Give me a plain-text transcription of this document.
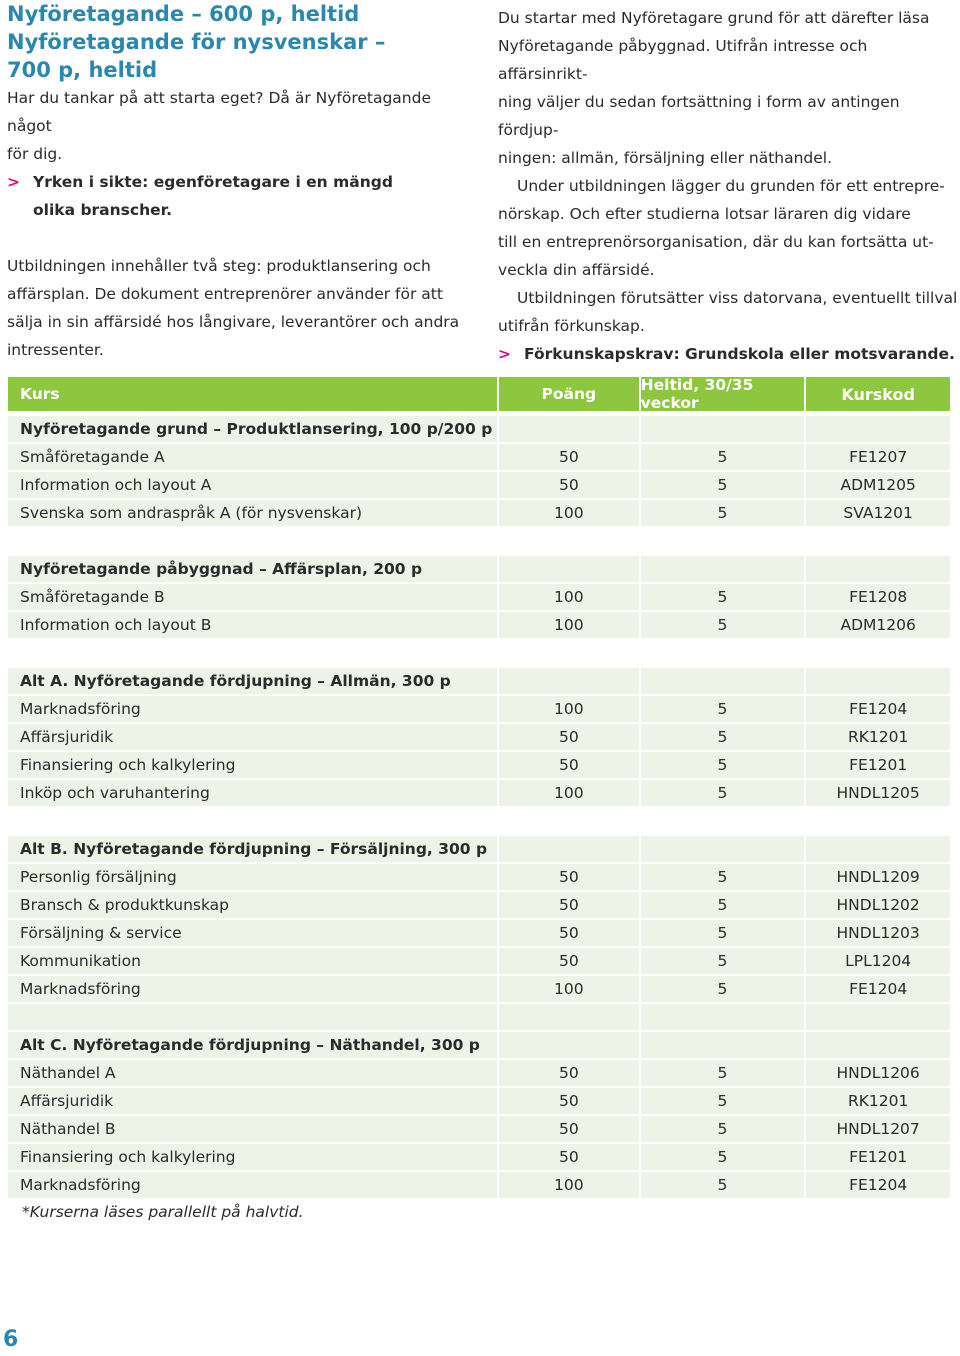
Nyföretagande – 600 p, heltid
Nyföretagande för nysvenskar –
700 p, heltid
Har du tankar på att starta eget? Då är Nyföretagande något
för dig.
> Yrken i sikte: egenföretagare i en mängd
olika branscher.
Utbildningen innehåller två steg: produktlansering och
affärsplan. De dokument entreprenörer använder för att
sälja in sin affärsidé hos långivare, leverantörer och andra
intressenter.
Du startar med Nyföretagare grund för att därefter läsa
Nyföretagande påbyggnad. Utifrån intresse och affärsinrikt-
ning väljer du sedan fortsättning i form av antingen fördjup-
ningen: allmän, försäljning eller näthandel.
Under utbildningen lägger du grunden för ett entrepre-
nörskap. Och efter studierna lotsar läraren dig vidare
till en entreprenörsorganisation, där du kan fortsätta ut-
veckla din affärsidé.
Utbildningen förutsätter viss datorvana, eventuellt tillval
utifrån förkunskap.
> Förkunskapskrav: Grundskola eller motsvarande.
Kurs	Poäng	Heltid, 30/35 veckor	Kurskod
Nyföretagande grund – Produktlansering, 100 p/200 p
Småföretagande A	50	5	FE1207
Information och layout A	50	5	ADM1205
Svenska som andraspråk A (för nysvenskar)	100	5	SVA1201
Nyföretagande påbyggnad – Affärsplan, 200 p
Småföretagande B	100	5	FE1208
Information och layout B	100	5	ADM1206
Alt A. Nyföretagande fördjupning – Allmän, 300 p
Marknadsföring	100	5	FE1204
Affärsjuridik	50	5	RK1201
Finansiering och kalkylering	50	5	FE1201
Inköp och varuhantering	100	5	HNDL1205
Alt B. Nyföretagande fördjupning – Försäljning, 300 p
Personlig försäljning	50	5	HNDL1209
Bransch & produktkunskap	50	5	HNDL1202
Försäljning & service	50	5	HNDL1203
Kommunikation	50	5	LPL1204
Marknadsföring	100	5	FE1204
Alt C. Nyföretagande fördjupning – Näthandel, 300 p
Näthandel A	50	5	HNDL1206
Affärsjuridik	50	5	RK1201
Näthandel B	50	5	HNDL1207
Finansiering och kalkylering	50	5	FE1201
Marknadsföring	100	5	FE1204
*Kurserna läses parallellt på halvtid.
6
